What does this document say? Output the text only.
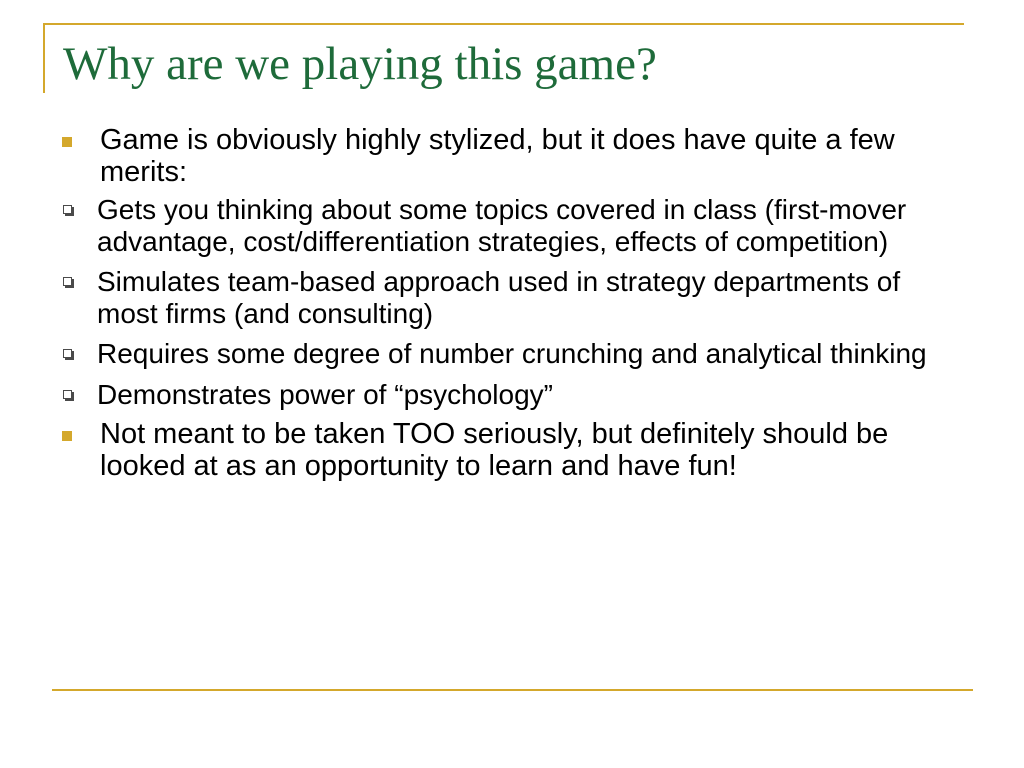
Why are we playing this game?
Game is obviously highly stylized, but it does have quite a few merits:
Gets you thinking about some topics covered in class (first-mover advantage, cost/differentiation strategies, effects of competition)
Simulates team-based approach used in strategy departments of most firms (and consulting)
Requires some degree of number crunching and analytical thinking
Demonstrates power of “psychology”
Not meant to be taken TOO seriously, but definitely should be looked at as an opportunity to learn and have fun!
